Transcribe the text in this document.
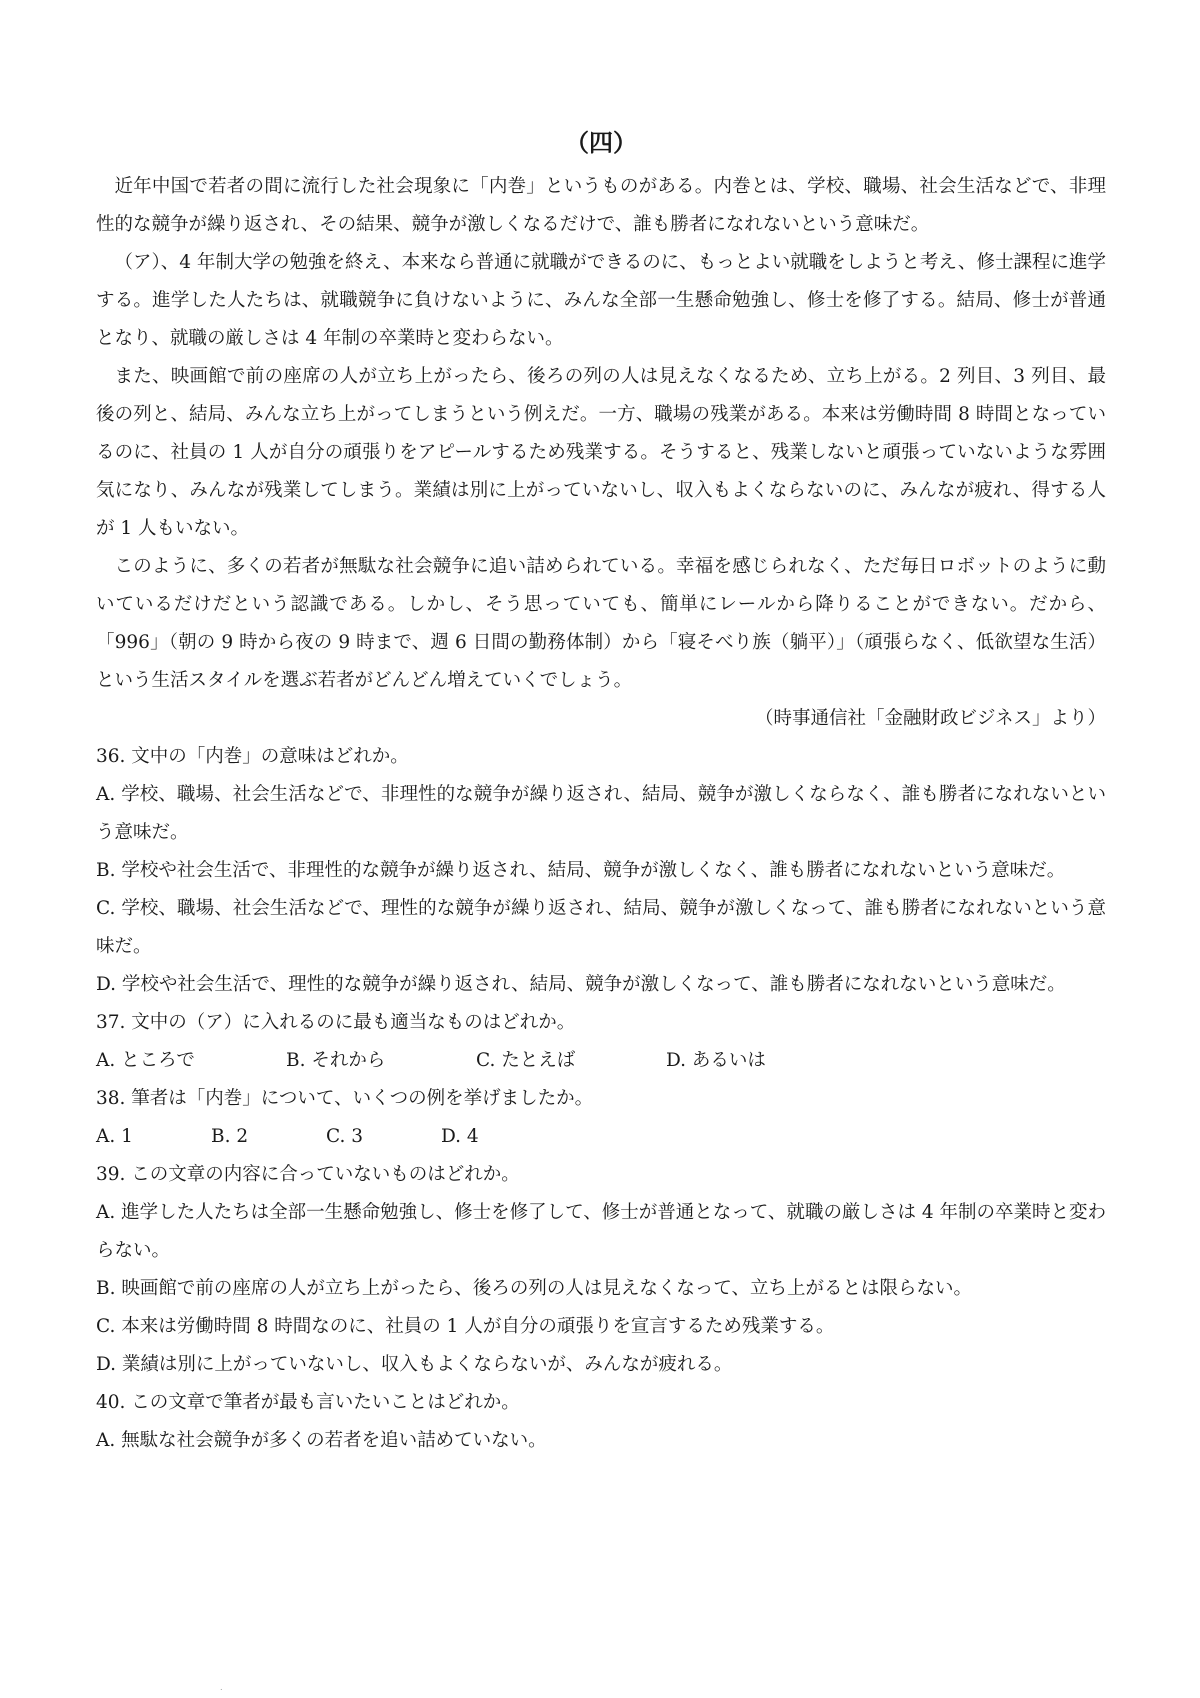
（四）

近年中国で若者の間に流行した社会現象に「内巻」というものがある。内巻とは、学校、職場、社会生活などで、非理性的な競争が繰り返され、その結果、競争が激しくなるだけで、誰も勝者になれないという意味だ。

（ア）、4 年制大学の勉強を終え、本来なら普通に就職ができるのに、もっとよい就職をしようと考え、修士課程に進学する。進学した人たちは、就職競争に負けないように、みんな全部一生懸命勉強し、修士を修了する。結局、修士が普通となり、就職の厳しさは 4 年制の卒業時と変わらない。

また、映画館で前の座席の人が立ち上がったら、後ろの列の人は見えなくなるため、立ち上がる。2 列目、3 列目、最後の列と、結局、みんな立ち上がってしまうという例えだ。一方、職場の残業がある。本来は労働時間 8 時間となっているのに、社員の 1 人が自分の頑張りをアピールするため残業する。そうすると、残業しないと頑張っていないような雰囲気になり、みんなが残業してしまう。業績は別に上がっていないし、収入もよくならないのに、みんなが疲れ、得する人が 1 人もいない。

このように、多くの若者が無駄な社会競争に追い詰められている。幸福を感じられなく、ただ毎日ロボットのように動いているだけだという認識である。しかし、そう思っていても、簡単にレールから降りることができない。だから、「996」（朝の 9 時から夜の 9 時まで、週 6 日間の勤務体制）から「寝そべり族（躺平）」（頑張らなく、低欲望な生活）という生活スタイルを選ぶ若者がどんどん増えていくでしょう。

（時事通信社「金融財政ビジネス」より）

36. 文中の「内巻」の意味はどれか。

A. 学校、職場、社会生活などで、非理性的な競争が繰り返され、結局、競争が激しくならなく、誰も勝者になれないという意味だ。

B. 学校や社会生活で、非理性的な競争が繰り返され、結局、競争が激しくなく、誰も勝者になれないという意味だ。

C. 学校、職場、社会生活などで、理性的な競争が繰り返され、結局、競争が激しくなって、誰も勝者になれないという意味だ。

D. 学校や社会生活で、理性的な競争が繰り返され、結局、競争が激しくなって、誰も勝者になれないという意味だ。

37. 文中の（ア）に入れるのに最も適当なものはどれか。

A. ところで	B. それから	C. たとえば	D. あるいは

38. 筆者は「内巻」について、いくつの例を挙げましたか。

A. 1	B. 2	C. 3	D. 4

39. この文章の内容に合っていないものはどれか。

A. 進学した人たちは全部一生懸命勉強し、修士を修了して、修士が普通となって、就職の厳しさは 4 年制の卒業時と変わらない。

B. 映画館で前の座席の人が立ち上がったら、後ろの列の人は見えなくなって、立ち上がるとは限らない。

C. 本来は労働時間 8 時間なのに、社員の 1 人が自分の頑張りを宣言するため残業する。

D. 業績は別に上がっていないし、収入もよくならないが、みんなが疲れる。

40. この文章で筆者が最も言いたいことはどれか。

A. 無駄な社会競争が多くの若者を追い詰めていない。

.
